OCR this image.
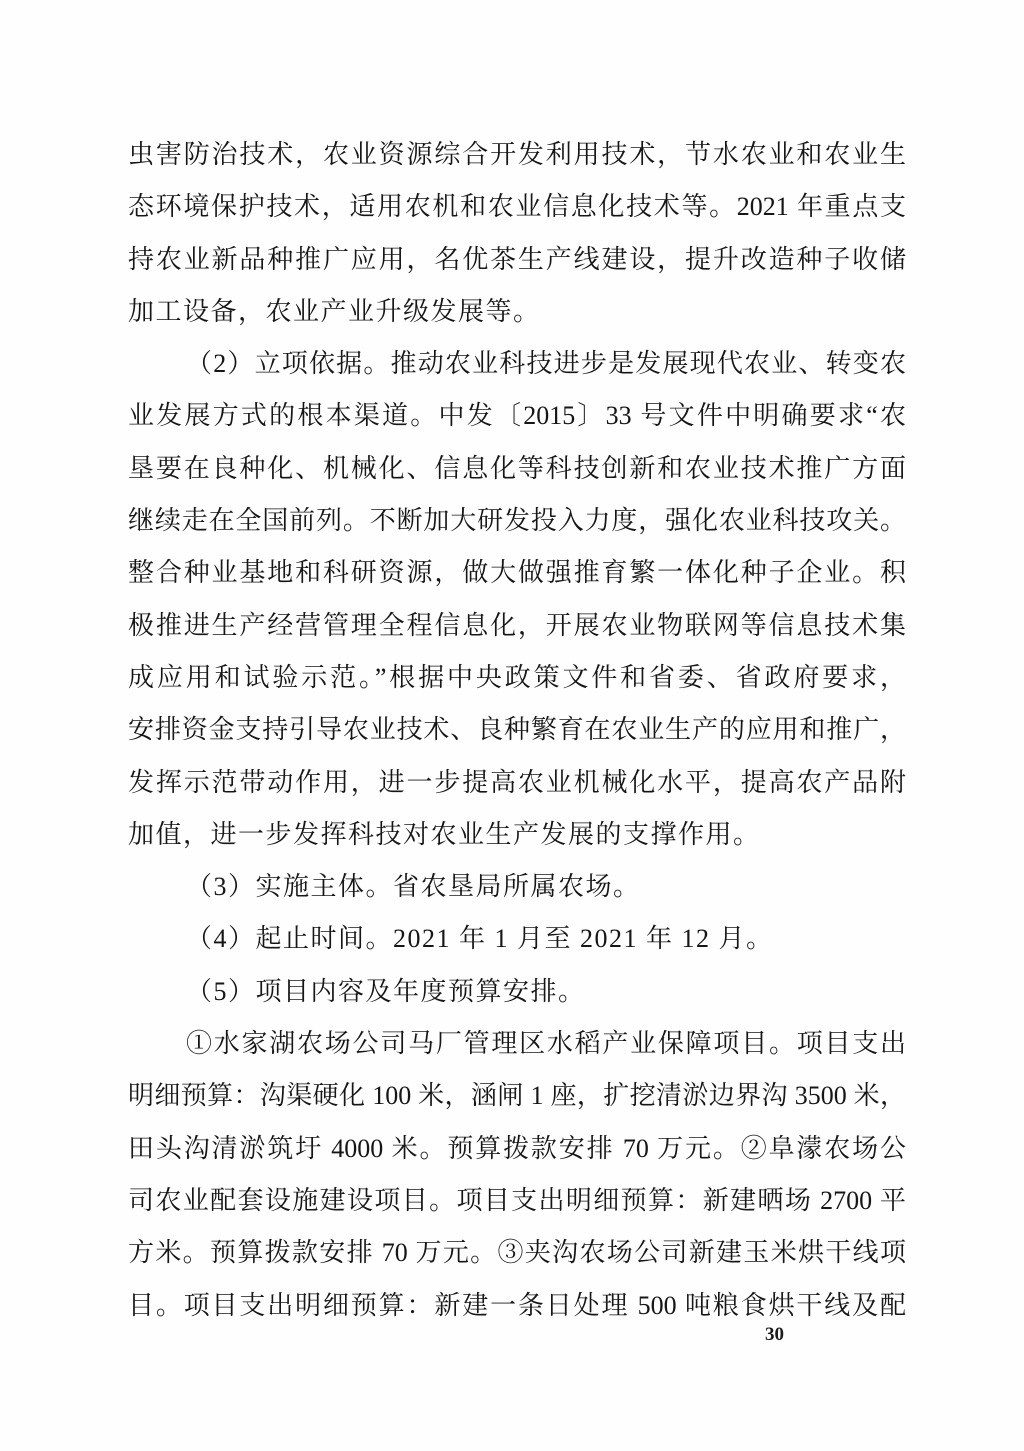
虫害防治技术，农业资源综合开发利用技术，节水农业和农业生
态环境保护技术，适用农机和农业信息化技术等。2021 年重点支
持农业新品种推广应用，名优茶生产线建设，提升改造种子收储
加工设备，农业产业升级发展等。
（2）立项依据。推动农业科技进步是发展现代农业、转变农
业发展方式的根本渠道。中发〔2015〕33 号文件中明确要求“农
垦要在良种化、机械化、信息化等科技创新和农业技术推广方面
继续走在全国前列。不断加大研发投入力度，强化农业科技攻关。
整合种业基地和科研资源，做大做强推育繁一体化种子企业。积
极推进生产经营管理全程信息化，开展农业物联网等信息技术集
成应用和试验示范。”根据中央政策文件和省委、省政府要求，
安排资金支持引导农业技术、良种繁育在农业生产的应用和推广，
发挥示范带动作用，进一步提高农业机械化水平，提高农产品附
加值，进一步发挥科技对农业生产发展的支撑作用。
（3）实施主体。省农垦局所属农场。
（4）起止时间。2021 年 1 月至 2021 年 12 月。
（5）项目内容及年度预算安排。
①水家湖农场公司马厂管理区水稻产业保障项目。项目支出
明细预算：沟渠硬化 100 米，涵闸 1 座，扩挖清淤边界沟 3500 米，
田头沟清淤筑圩 4000 米。预算拨款安排 70 万元。②阜濛农场公
司农业配套设施建设项目。项目支出明细预算：新建晒场 2700 平
方米。预算拨款安排 70 万元。③夹沟农场公司新建玉米烘干线项
目。项目支出明细预算：新建一条日处理 500 吨粮食烘干线及配
30
